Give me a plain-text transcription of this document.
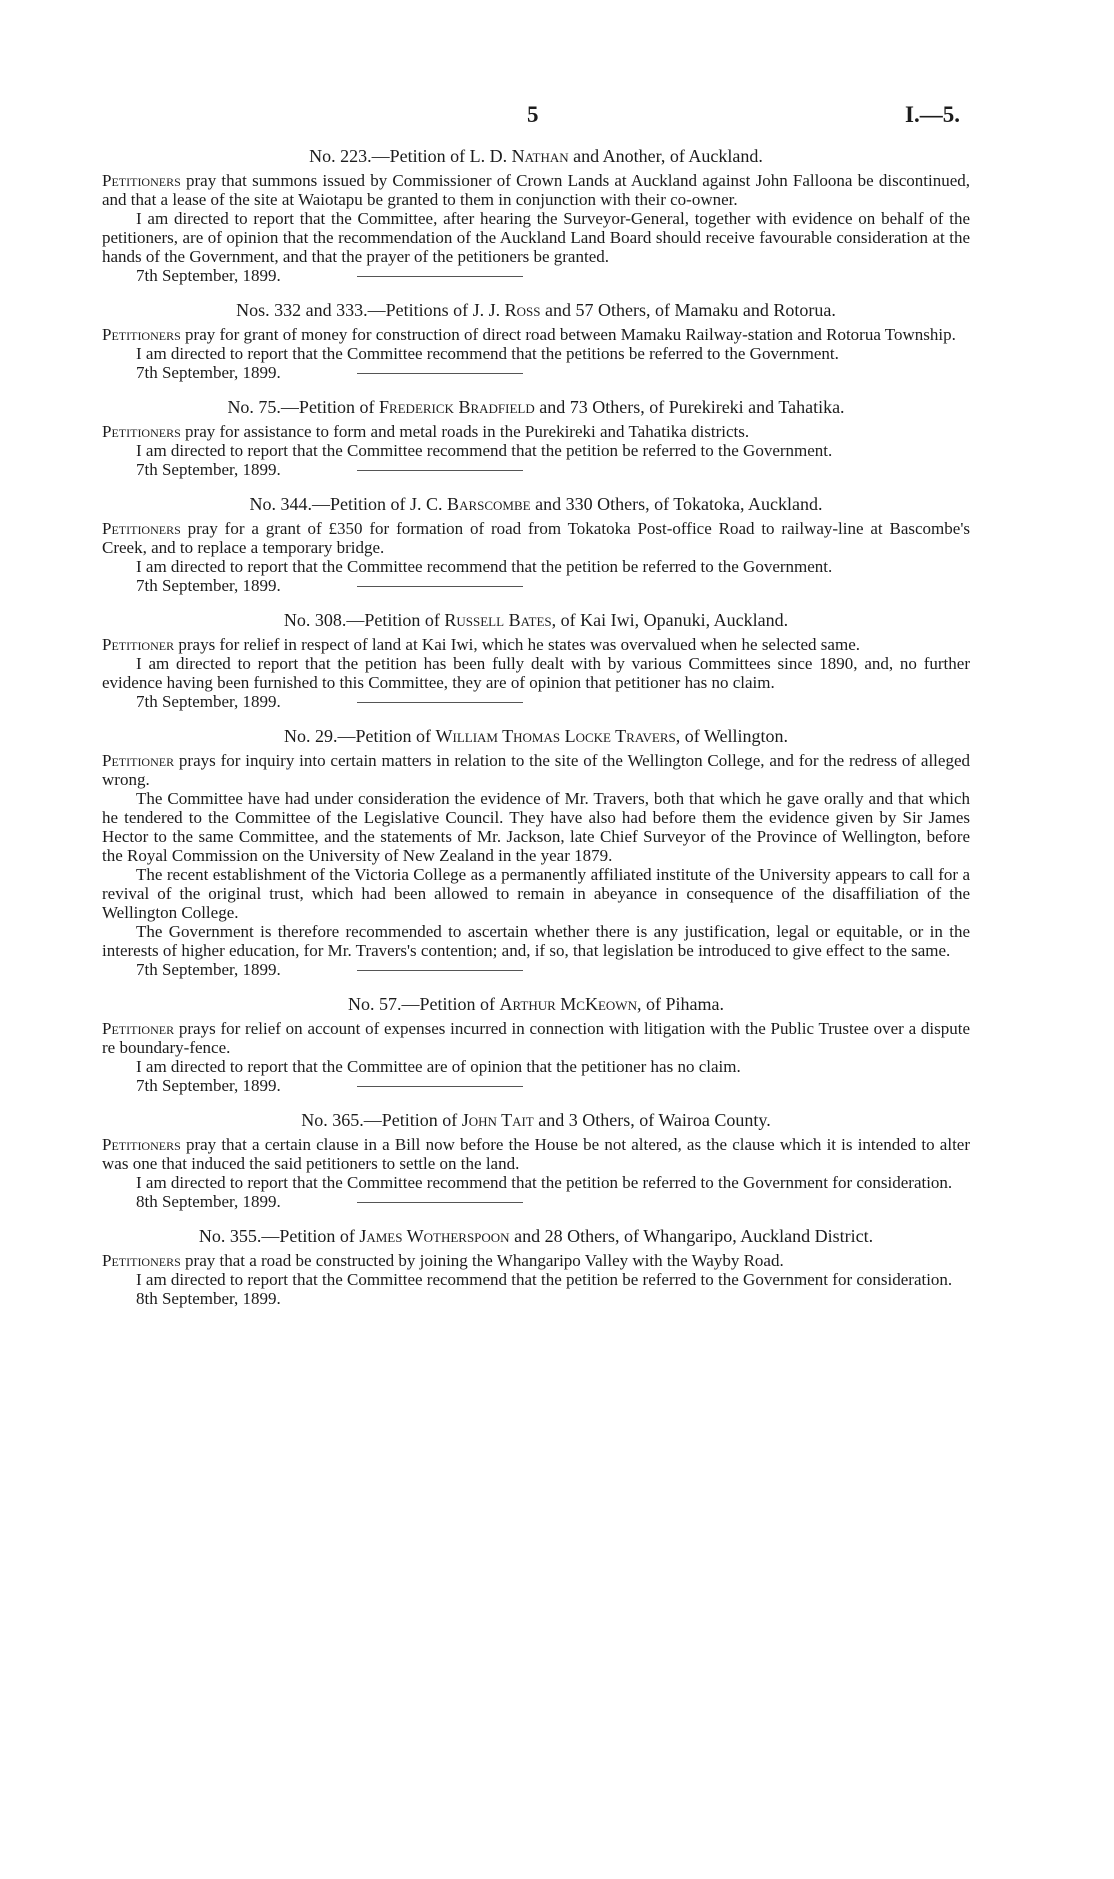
5	I.—5.
No. 223.—Petition of L. D. Nathan and Another, of Auckland.
Petitioners pray that summons issued by Commissioner of Crown Lands at Auckland against John Falloona be discontinued, and that a lease of the site at Waiotapu be granted to them in conjunction with their co-owner.
I am directed to report that the Committee, after hearing the Surveyor-General, together with evidence on behalf of the petitioners, are of opinion that the recommendation of the Auckland Land Board should receive favourable consideration at the hands of the Government, and that the prayer of the petitioners be granted.
7th September, 1899.
Nos. 332 and 333.—Petitions of J. J. Ross and 57 Others, of Mamaku and Rotorua.
Petitioners pray for grant of money for construction of direct road between Mamaku Railway-station and Rotorua Township.
I am directed to report that the Committee recommend that the petitions be referred to the Government.
7th September, 1899.
No. 75.—Petition of Frederick Bradfield and 73 Others, of Purekireki and Tahatika.
Petitioners pray for assistance to form and metal roads in the Purekireki and Tahatika districts.
I am directed to report that the Committee recommend that the petition be referred to the Government.
7th September, 1899.
No. 344.—Petition of J. C. Barscombe and 330 Others, of Tokatoka, Auckland.
Petitioners pray for a grant of £350 for formation of road from Tokatoka Post-office Road to railway-line at Bascombe's Creek, and to replace a temporary bridge.
I am directed to report that the Committee recommend that the petition be referred to the Government.
7th September, 1899.
No. 308.—Petition of Russell Bates, of Kai Iwi, Opanuki, Auckland.
Petitioner prays for relief in respect of land at Kai Iwi, which he states was overvalued when he selected same.
I am directed to report that the petition has been fully dealt with by various Committees since 1890, and, no further evidence having been furnished to this Committee, they are of opinion that petitioner has no claim.
7th September, 1899.
No. 29.—Petition of William Thomas Locke Travers, of Wellington.
Petitioner prays for inquiry into certain matters in relation to the site of the Wellington College, and for the redress of alleged wrong.
The Committee have had under consideration the evidence of Mr. Travers, both that which he gave orally and that which he tendered to the Committee of the Legislative Council. They have also had before them the evidence given by Sir James Hector to the same Committee, and the statements of Mr. Jackson, late Chief Surveyor of the Province of Wellington, before the Royal Commission on the University of New Zealand in the year 1879.
The recent establishment of the Victoria College as a permanently affiliated institute of the University appears to call for a revival of the original trust, which had been allowed to remain in abeyance in consequence of the disaffiliation of the Wellington College.
The Government is therefore recommended to ascertain whether there is any justification, legal or equitable, or in the interests of higher education, for Mr. Travers's contention; and, if so, that legislation be introduced to give effect to the same.
7th September, 1899.
No. 57.—Petition of Arthur McKeown, of Pihama.
Petitioner prays for relief on account of expenses incurred in connection with litigation with the Public Trustee over a dispute re boundary-fence.
I am directed to report that the Committee are of opinion that the petitioner has no claim.
7th September, 1899.
No. 365.—Petition of John Tait and 3 Others, of Wairoa County.
Petitioners pray that a certain clause in a Bill now before the House be not altered, as the clause which it is intended to alter was one that induced the said petitioners to settle on the land.
I am directed to report that the Committee recommend that the petition be referred to the Government for consideration.
8th September, 1899.
No. 355.—Petition of James Wotherspoon and 28 Others, of Whangaripo, Auckland District.
Petitioners pray that a road be constructed by joining the Whangaripo Valley with the Wayby Road.
I am directed to report that the Committee recommend that the petition be referred to the Government for consideration.
8th September, 1899.
